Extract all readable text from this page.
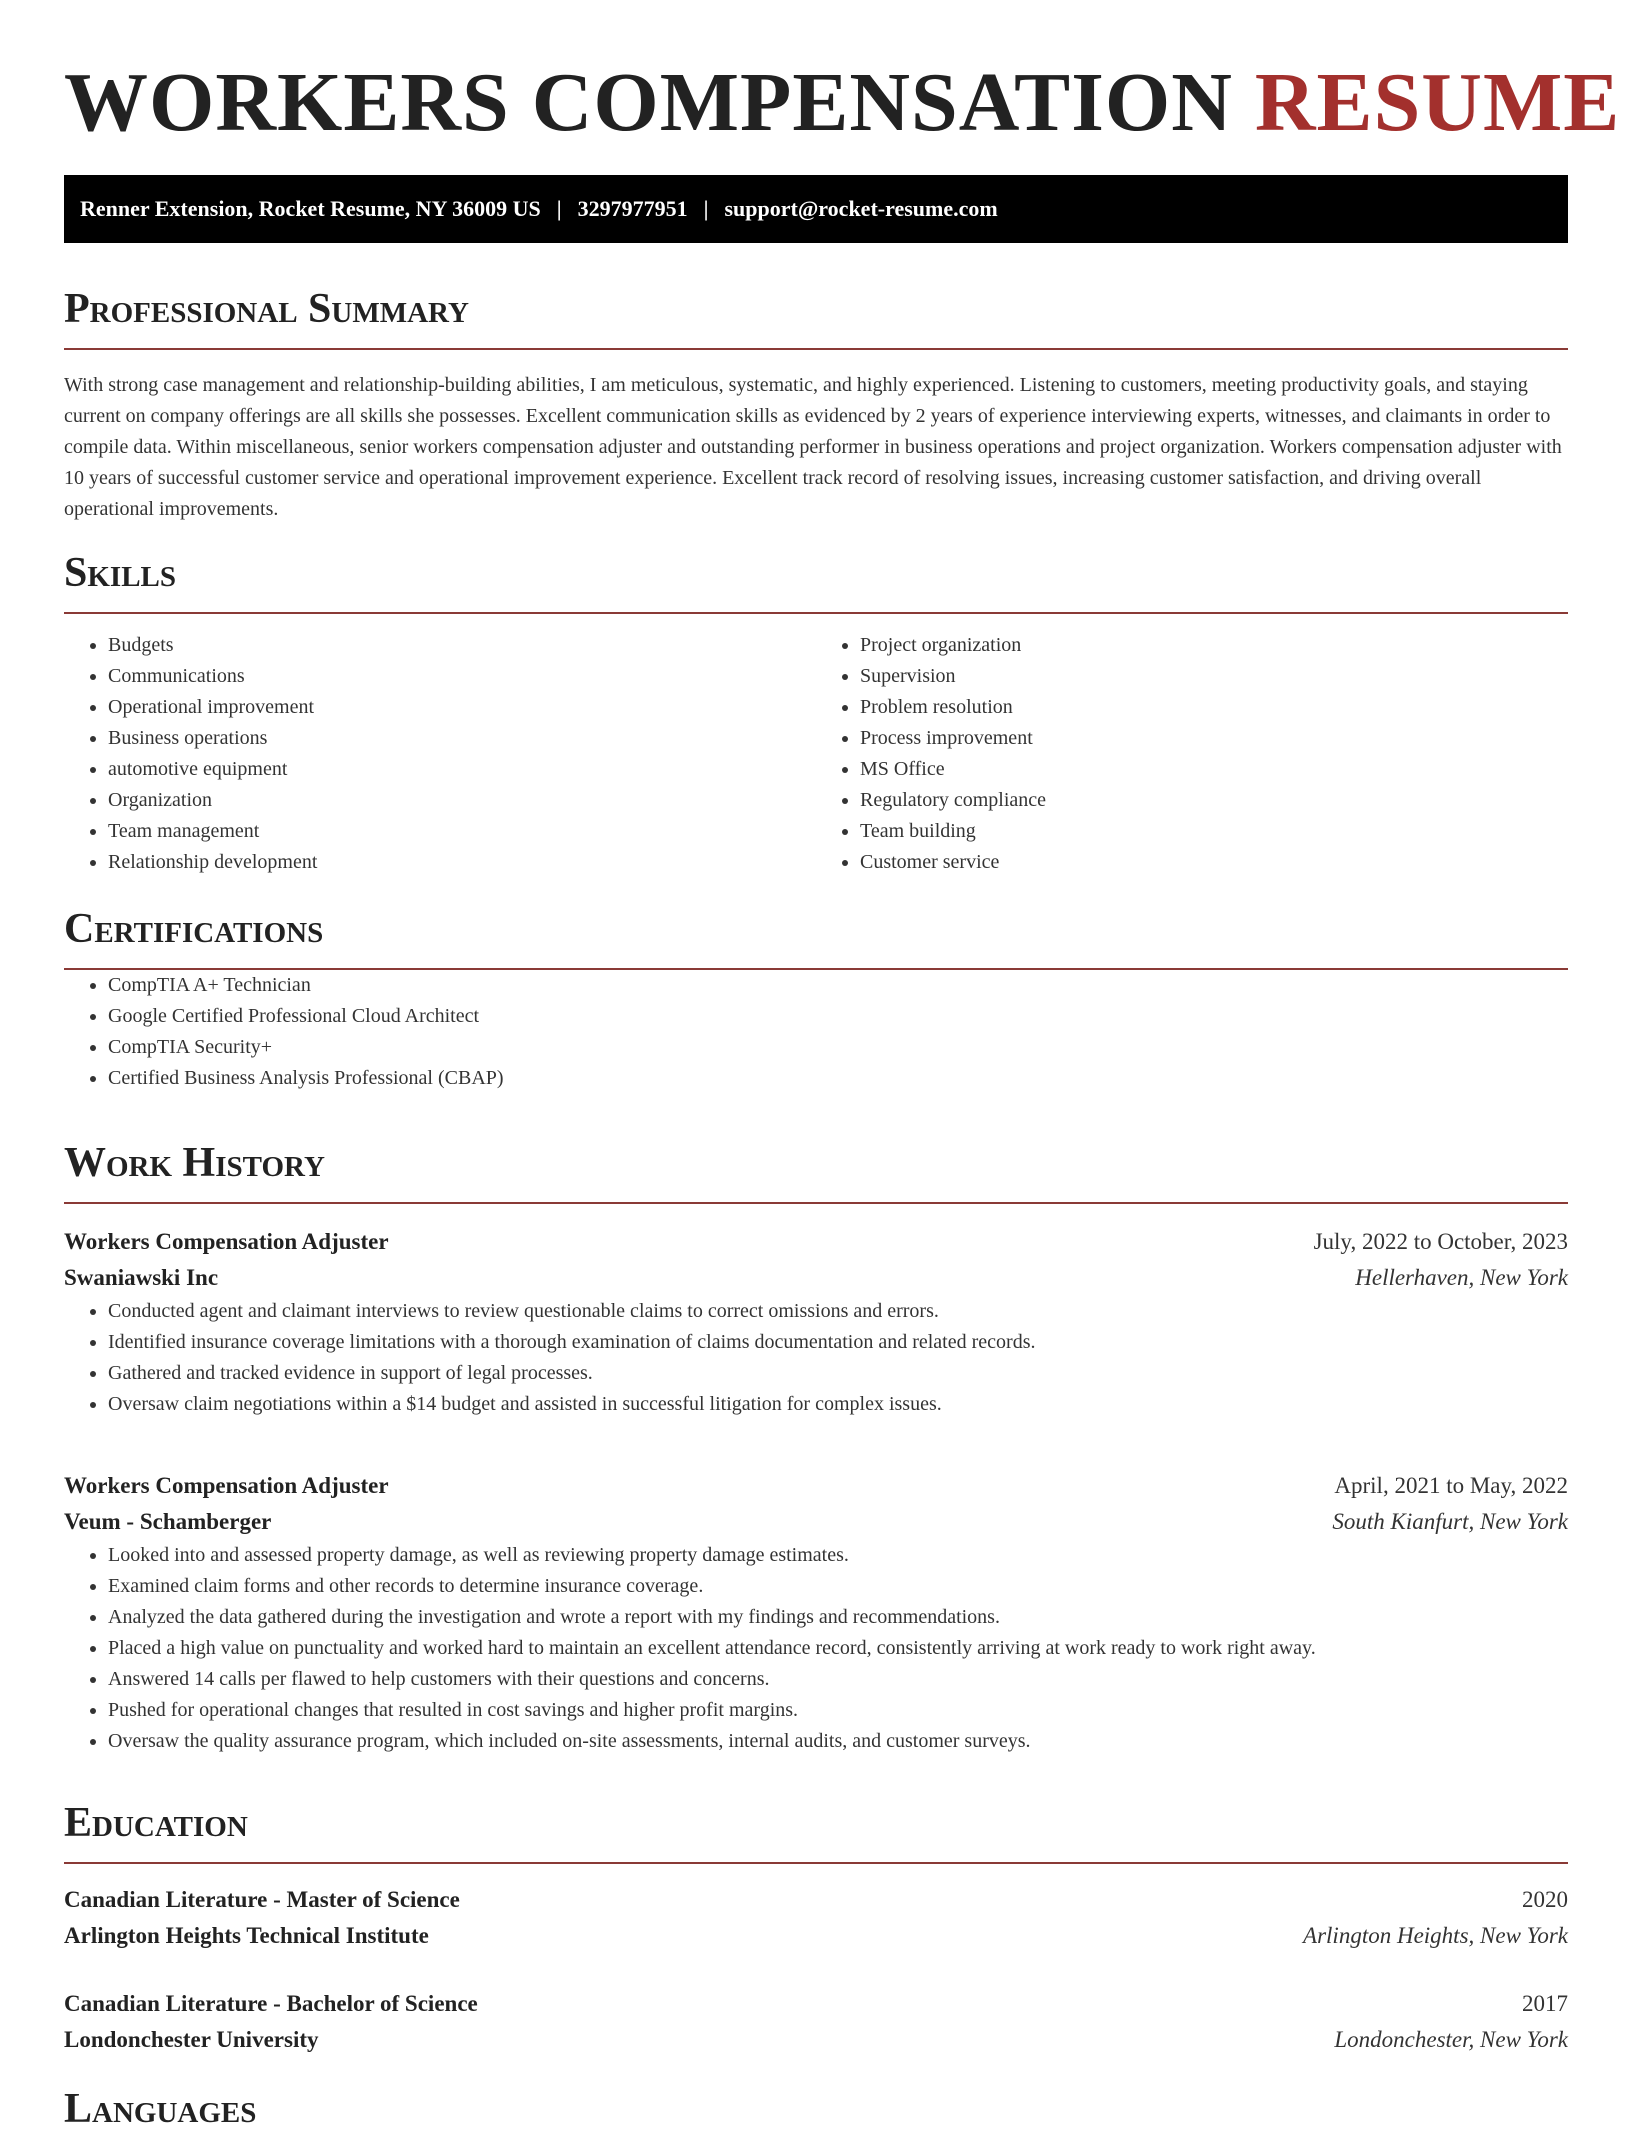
WORKERS COMPENSATION RESUME
Renner Extension, Rocket Resume, NY 36009 US | 3297977951 | support@rocket-resume.com
Professional Summary

With strong case management and relationship-building abilities, I am meticulous, systematic, and highly experienced. Listening to customers, meeting productivity goals, and staying current on company offerings are all skills she possesses. Excellent communication skills as evidenced by 2 years of experience interviewing experts, witnesses, and claimants in order to compile data. Within miscellaneous, senior workers compensation adjuster and outstanding performer in business operations and project organization. Workers compensation adjuster with 10 years of successful customer service and operational improvement experience. Excellent track record of resolving issues, increasing customer satisfaction, and driving overall operational improvements.

Skills
• Budgets
• Communications
• Operational improvement
• Business operations
• automotive equipment
• Organization
• Team management
• Relationship development
• Project organization
• Supervision
• Problem resolution
• Process improvement
• MS Office
• Regulatory compliance
• Team building
• Customer service
Certifications
• CompTIA A+ Technician
• Google Certified Professional Cloud Architect
• CompTIA Security+
• Certified Business Analysis Professional (CBAP)
Work History
Workers Compensation Adjuster	July, 2022 to October, 2023
Swaniawski Inc	Hellerhaven, New York
• Conducted agent and claimant interviews to review questionable claims to correct omissions and errors.
• Identified insurance coverage limitations with a thorough examination of claims documentation and related records.
• Gathered and tracked evidence in support of legal processes.
• Oversaw claim negotiations within a $14 budget and assisted in successful litigation for complex issues.
Workers Compensation Adjuster	April, 2021 to May, 2022
Veum - Schamberger	South Kianfurt, New York
• Looked into and assessed property damage, as well as reviewing property damage estimates.
• Examined claim forms and other records to determine insurance coverage.
• Analyzed the data gathered during the investigation and wrote a report with my findings and recommendations.
• Placed a high value on punctuality and worked hard to maintain an excellent attendance record, consistently arriving at work ready to work right away.
• Answered 14 calls per flawed to help customers with their questions and concerns.
• Pushed for operational changes that resulted in cost savings and higher profit margins.
• Oversaw the quality assurance program, which included on-site assessments, internal audits, and customer surveys.
Education
Canadian Literature - Master of Science	2020
Arlington Heights Technical Institute	Arlington Heights, New York
Canadian Literature - Bachelor of Science	2017
Londonchester University	Londonchester, New York
Languages
